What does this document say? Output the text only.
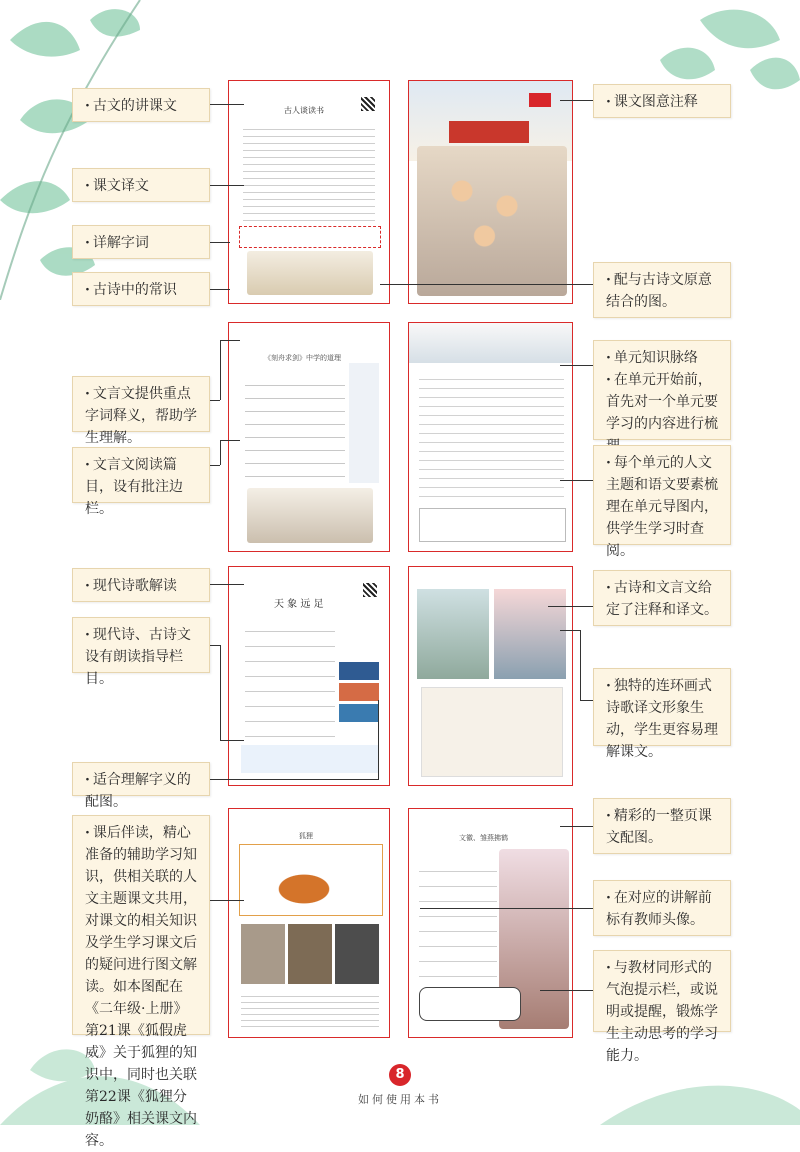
· 古文的讲课文
· 课文译文
· 详解字词
· 古诗中的常识
· 文言文提供重点字词释义，帮助学生理解。
· 文言文阅读篇目，设有批注边栏。
· 现代诗歌解读
· 现代诗、古诗文设有朗读指导栏目。
· 适合理解字义的配图。
· 课后伴读，精心准备的辅助学习知识，供相关联的人文主题课文共用，对课文的相关知识及学生学习课文后的疑问进行图文解读。如本图配在《二年级·上册》第21课《狐假虎威》关于狐狸的知识中，同时也关联第22课《狐狸分奶酪》相关课文内容。
· 课文图意注释
· 配与古诗文原意结合的图。
· 单元知识脉络
· 在单元开始前，首先对一个单元要学习的内容进行梳
· 每个单元的人文主题和语文要素梳理在单元导图内，供学生学习时查阅。
· 古诗和文言文给定了注释和译文。
· 独特的连环画式诗歌译文形象生动，学生更容易理解课文。
· 精彩的一整页课文配图。
· 在对应的讲解前标有教师头像。
· 与教材同形式的气泡提示栏，或说明或提醒，锻炼学生主动思考的学习能力。
古人谈读书
《刻舟求剑》中学的道理
天 象 远 足
狐狸	文徽、雏燕拂鹤
8
如何使用本书
